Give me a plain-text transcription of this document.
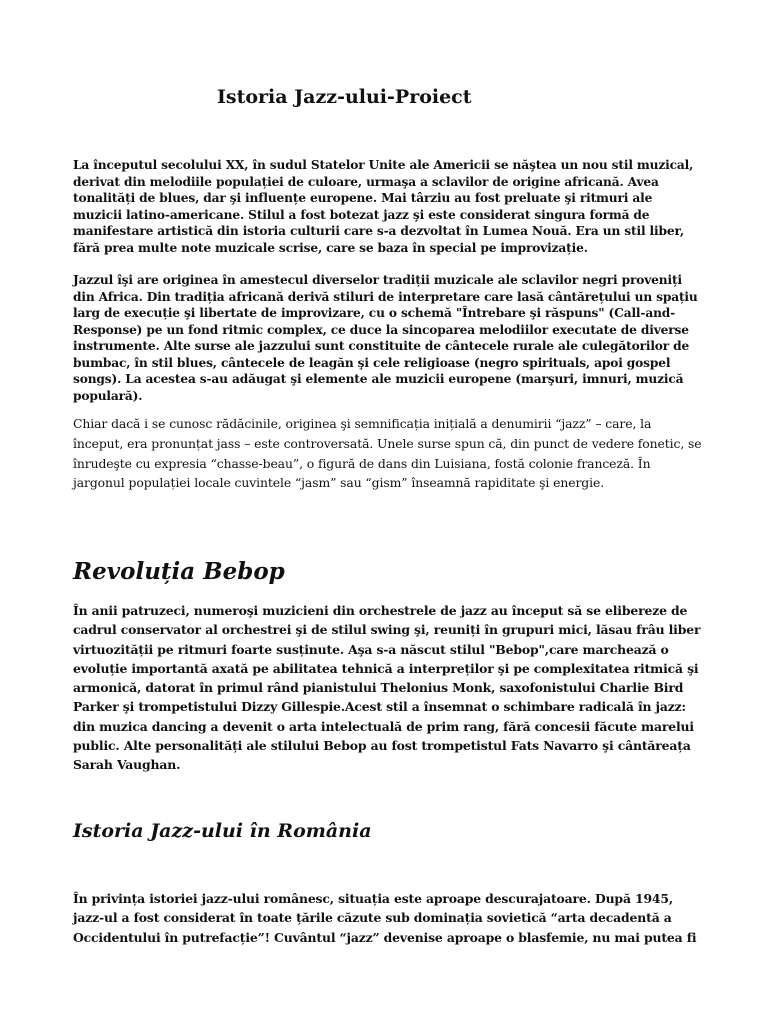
Istoria Jazz-ului-Proiect

La începutul secolului XX, în sudul Statelor Unite ale Americii se năştea un nou stil muzical, derivat din melodiile populației de culoare, urmaşa a sclavilor de origine africană. Avea tonalități de blues, dar şi influențe europene. Mai târziu au fost preluate şi ritmuri ale muzicii latino-americane. Stilul a fost botezat jazz şi este considerat singura formă de manifestare artistică din istoria culturii care s-a dezvoltat în Lumea Nouă. Era un stil liber, fără prea multe note muzicale scrise, care se baza în special pe improvizație.

Jazzul îşi are originea în amestecul diverselor tradiții muzicale ale sclavilor negri proveniți din Africa. Din tradiția africană derivă stiluri de interpretare care lasă cântărețului un spațiu larg de execuție şi libertate de improvizare, cu o schemă "Întrebare şi răspuns" (Call-and-Response) pe un fond ritmic complex, ce duce la sincoparea melodiilor executate de diverse instrumente. Alte surse ale jazzului sunt constituite de cântecele rurale ale culegătorilor de bumbac, în stil blues, cântecele de leagăn şi cele religioase (negro spirituals, apoi gospel songs). La acestea s-au adăugat şi elemente ale muzicii europene (marşuri, imnuri, muzică populară).

Chiar dacă i se cunosc rădăcinile, originea şi semnificația inițială a denumirii “jazz” – care, la început, era pronunțat jass – este controversată. Unele surse spun că, din punct de vedere fonetic, se înrudeşte cu expresia “chasse-beau”, o figură de dans din Luisiana, fostă colonie franceză. În jargonul populației locale cuvintele “jasm” sau “gism” înseamnă rapiditate şi energie.

Revoluția Bebop

În anii patruzeci, numeroşi muzicieni din orchestrele de jazz au început să se elibereze de cadrul conservator al orchestrei şi de stilul swing şi, reuniți în grupuri mici, lăsau frâu liber virtuozității pe ritmuri foarte susținute. Aşa s-a născut stilul "Bebop",care marchează o evoluție importantă axată pe abilitatea tehnică a interpreților şi pe complexitatea ritmică şi armonică, datorat în primul rând pianistului Thelonius Monk, saxofonistului Charlie Bird Parker şi trompetistului Dizzy Gillespie.Acest stil a însemnat o schimbare radicală în jazz: din muzica dancing a devenit o arta intelectuală de prim rang, fără concesii făcute marelui public. Alte personalități ale stilului Bebop au fost trompetistul Fats Navarro şi cântăreața Sarah Vaughan.

Istoria Jazz-ului în România

În privința istoriei jazz-ului românesc, situația este aproape descurajatoare. După 1945, jazz-ul a fost considerat în toate țările căzute sub dominația sovietică “arta decadentă a Occidentului în putrefacție”! Cuvântul “jazz” devenise aproape o blasfemie, nu mai putea fi
